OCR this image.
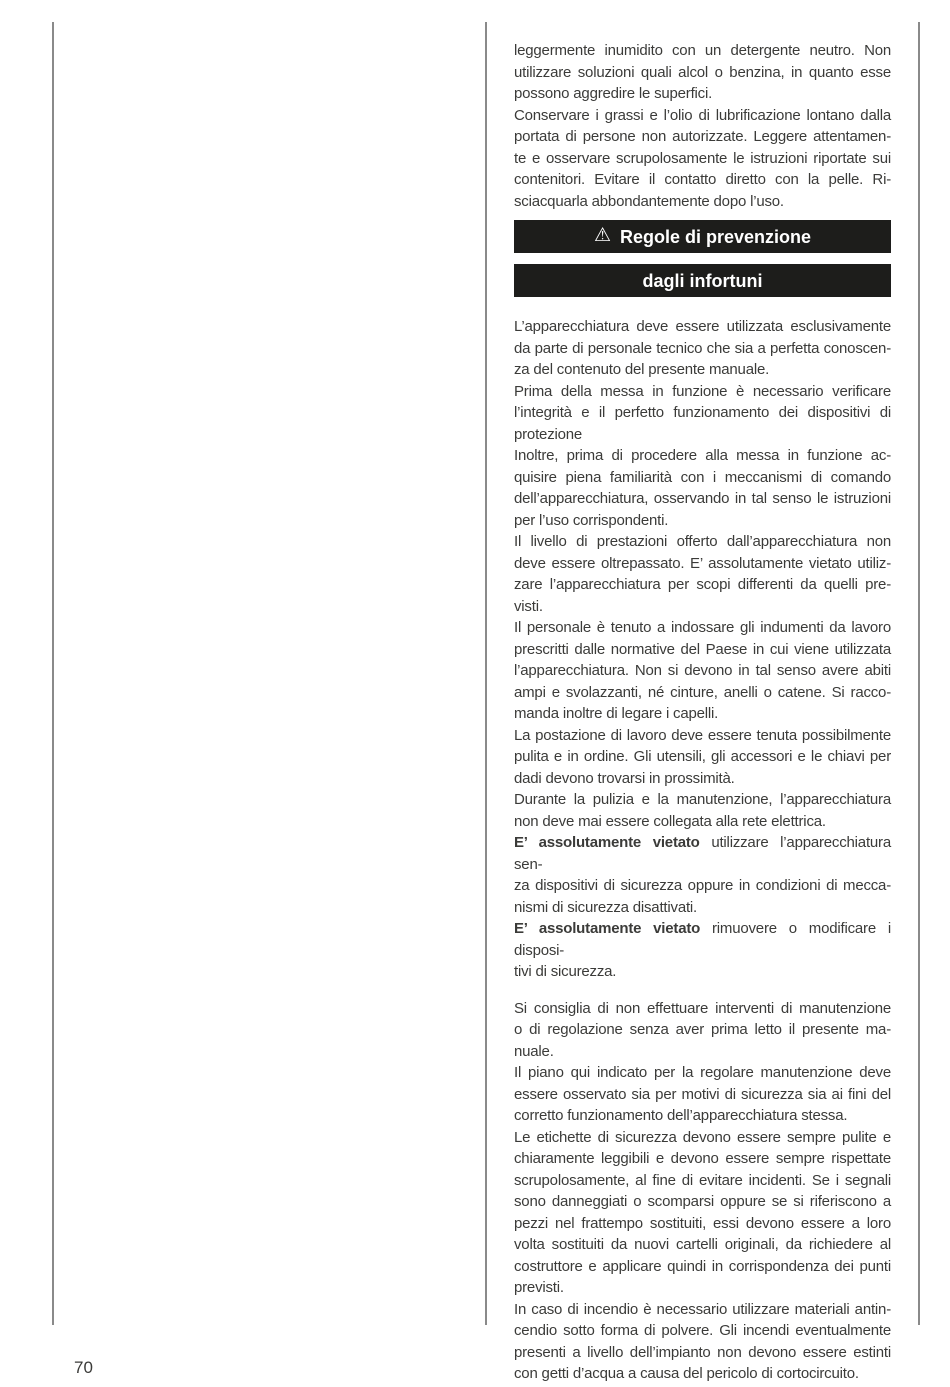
leggermente inumidito con un detergente neutro. Non
utilizzare soluzioni quali alcol o benzina, in quanto esse
possono aggredire le superfici.
Conservare i grassi e l’olio di lubrificazione lontano dalla
portata di persone non autorizzate. Leggere attentamen-
te e osservare scrupolosamente le istruzioni riportate sui
contenitori. Evitare il contatto diretto con la pelle. Ri-
sciacquarla abbondantemente dopo l’uso.
⚠ Regole di prevenzione
dagli infortuni
L’apparecchiatura deve essere utilizzata esclusivamente
da parte di personale tecnico che sia a perfetta conoscen-
za del contenuto del presente manuale.
Prima della messa in funzione è necessario verificare
l’integrità e il perfetto funzionamento dei dispositivi di
protezione
Inoltre, prima di procedere alla messa in funzione ac-
quisire piena familiarità con i meccanismi di comando
dell’apparecchiatura, osservando in tal senso le istruzioni
per l’uso corrispondenti.
Il livello di prestazioni offerto dall’apparecchiatura non
deve essere oltrepassato. E’ assolutamente vietato utiliz-
zare l’apparecchiatura per scopi differenti da quelli pre-
visti.
Il personale è tenuto a indossare gli indumenti da lavoro
prescritti dalle normative del Paese in cui viene utilizzata
l’apparecchiatura. Non si devono in tal senso avere abiti
ampi e svolazzanti, né cinture, anelli o catene. Si racco-
manda inoltre di legare i capelli.
La postazione di lavoro deve essere tenuta possibilmente
pulita e in ordine. Gli utensili, gli accessori e le chiavi per
dadi devono trovarsi in prossimità.
Durante la pulizia e la manutenzione, l’apparecchiatura
non deve mai essere collegata alla rete elettrica.
E’ assolutamente vietato utilizzare l’apparecchiatura sen-
za dispositivi di sicurezza oppure in condizioni di mecca-
nismi di sicurezza disattivati.
E’ assolutamente vietato rimuovere o modificare i disposi-
tivi di sicurezza.
Si consiglia di non effettuare interventi di manutenzione
o di regolazione senza aver prima letto il presente ma-
nuale.
Il piano qui indicato per la regolare manutenzione deve
essere osservato sia per motivi di sicurezza sia ai fini del
corretto funzionamento dell’apparecchiatura stessa.
Le etichette di sicurezza devono essere sempre pulite e
chiaramente leggibili e devono essere sempre rispettate
scrupolosamente, al fine di evitare incidenti. Se i segnali
sono danneggiati o scomparsi oppure se si riferiscono a
pezzi nel frattempo sostituiti, essi devono essere a loro
volta sostituiti da nuovi cartelli originali, da richiedere al
costruttore e applicare quindi in corrispondenza dei punti
previsti.
In caso di incendio è necessario utilizzare materiali antin-
cendio sotto forma di polvere. Gli incendi eventualmente
presenti a livello dell’impianto non devono essere estinti
con getti d’acqua a causa del pericolo di cortocircuito.
70
